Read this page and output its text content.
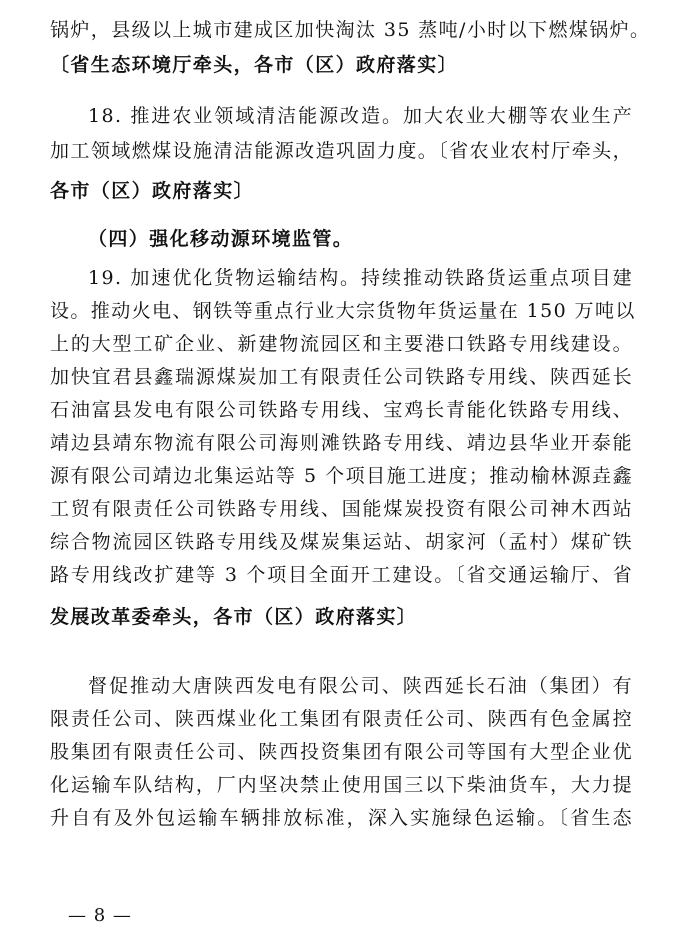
锅炉，县级以上城市建成区加快淘汰 35 蒸吨/小时以下燃煤锅炉。
〔省生态环境厅牵头，各市（区）政府落实〕
18. 推进农业领域清洁能源改造。加大农业大棚等农业生产
加工领域燃煤设施清洁能源改造巩固力度。〔省农业农村厅牵头，
各市（区）政府落实〕
（四）强化移动源环境监管。
19. 加速优化货物运输结构。持续推动铁路货运重点项目建
设。推动火电、钢铁等重点行业大宗货物年货运量在 150 万吨以
上的大型工矿企业、新建物流园区和主要港口铁路专用线建设。
加快宜君县鑫瑞源煤炭加工有限责任公司铁路专用线、陕西延长
石油富县发电有限公司铁路专用线、宝鸡长青能化铁路专用线、
靖边县靖东物流有限公司海则滩铁路专用线、靖边县华业开泰能
源有限公司靖边北集运站等 5 个项目施工进度；推动榆林源垚鑫
工贸有限责任公司铁路专用线、国能煤炭投资有限公司神木西站
综合物流园区铁路专用线及煤炭集运站、胡家河（孟村）煤矿铁
路专用线改扩建等 3 个项目全面开工建设。〔省交通运输厅、省
发展改革委牵头，各市（区）政府落实〕
督促推动大唐陕西发电有限公司、陕西延长石油（集团）有
限责任公司、陕西煤业化工集团有限责任公司、陕西有色金属控
股集团有限责任公司、陕西投资集团有限公司等国有大型企业优
化运输车队结构，厂内坚决禁止使用国三以下柴油货车，大力提
升自有及外包运输车辆排放标准，深入实施绿色运输。〔省生态
— 8 —
